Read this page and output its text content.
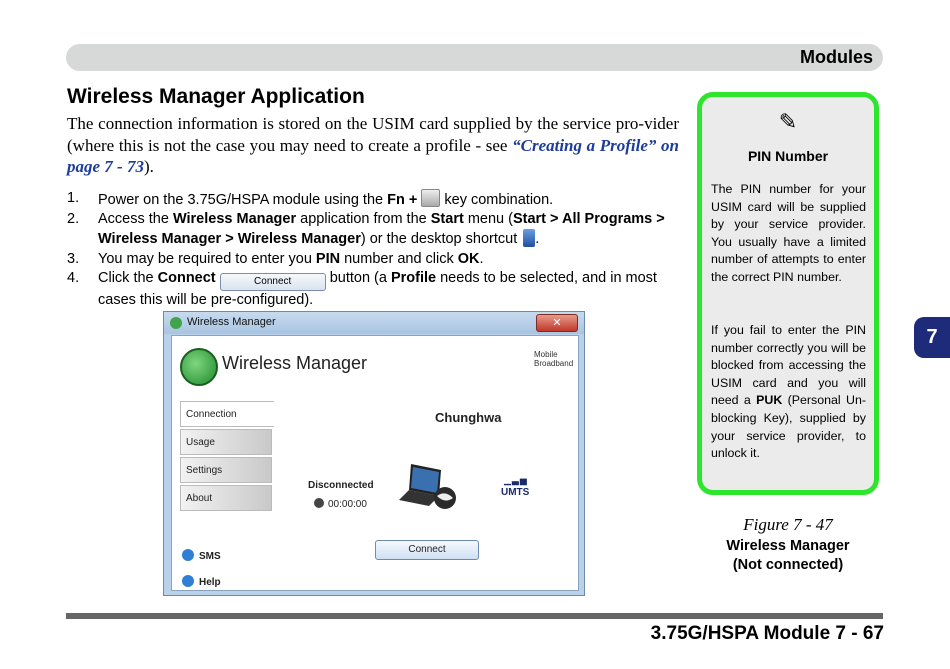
Modules
Wireless Manager Application
The connection information is stored on the USIM card supplied by the service pro-vider (where this is not the case you may need to create a profile - see “Creating a Profile” on page 7 - 73).
1. Power on the 3.75G/HSPA module using the Fn +  key combination.
2. Access the Wireless Manager application from the Start menu (Start > All Programs > Wireless Manager > Wireless Manager) or the desktop shortcut .
3. You may be required to enter you PIN number and click OK.
4. Click the Connect	Connect button (a Profile needs to be selected, and in most cases this will be pre-configured).
Wireless Manager	✕
Wireless Manager	Mobile
Broadband
Connection
Usage
Settings
About
SMS
Help
Chunghwa
Disconnected
00:00:00
▁▃▅
UMTS
Connect
✎
PIN Number
The PIN number for your USIM card will be supplied by your service provider. You usually have a limited number of attempts to enter the correct PIN number.
If you fail to enter the PIN number correctly you will be blocked from accessing the USIM card and you will need a PUK (Personal Un-blocking Key), supplied by your service provider, to unlock it.
Figure 7 - 47
Wireless Manager
(Not connected)
7
3.75G/HSPA Module 7 - 67
